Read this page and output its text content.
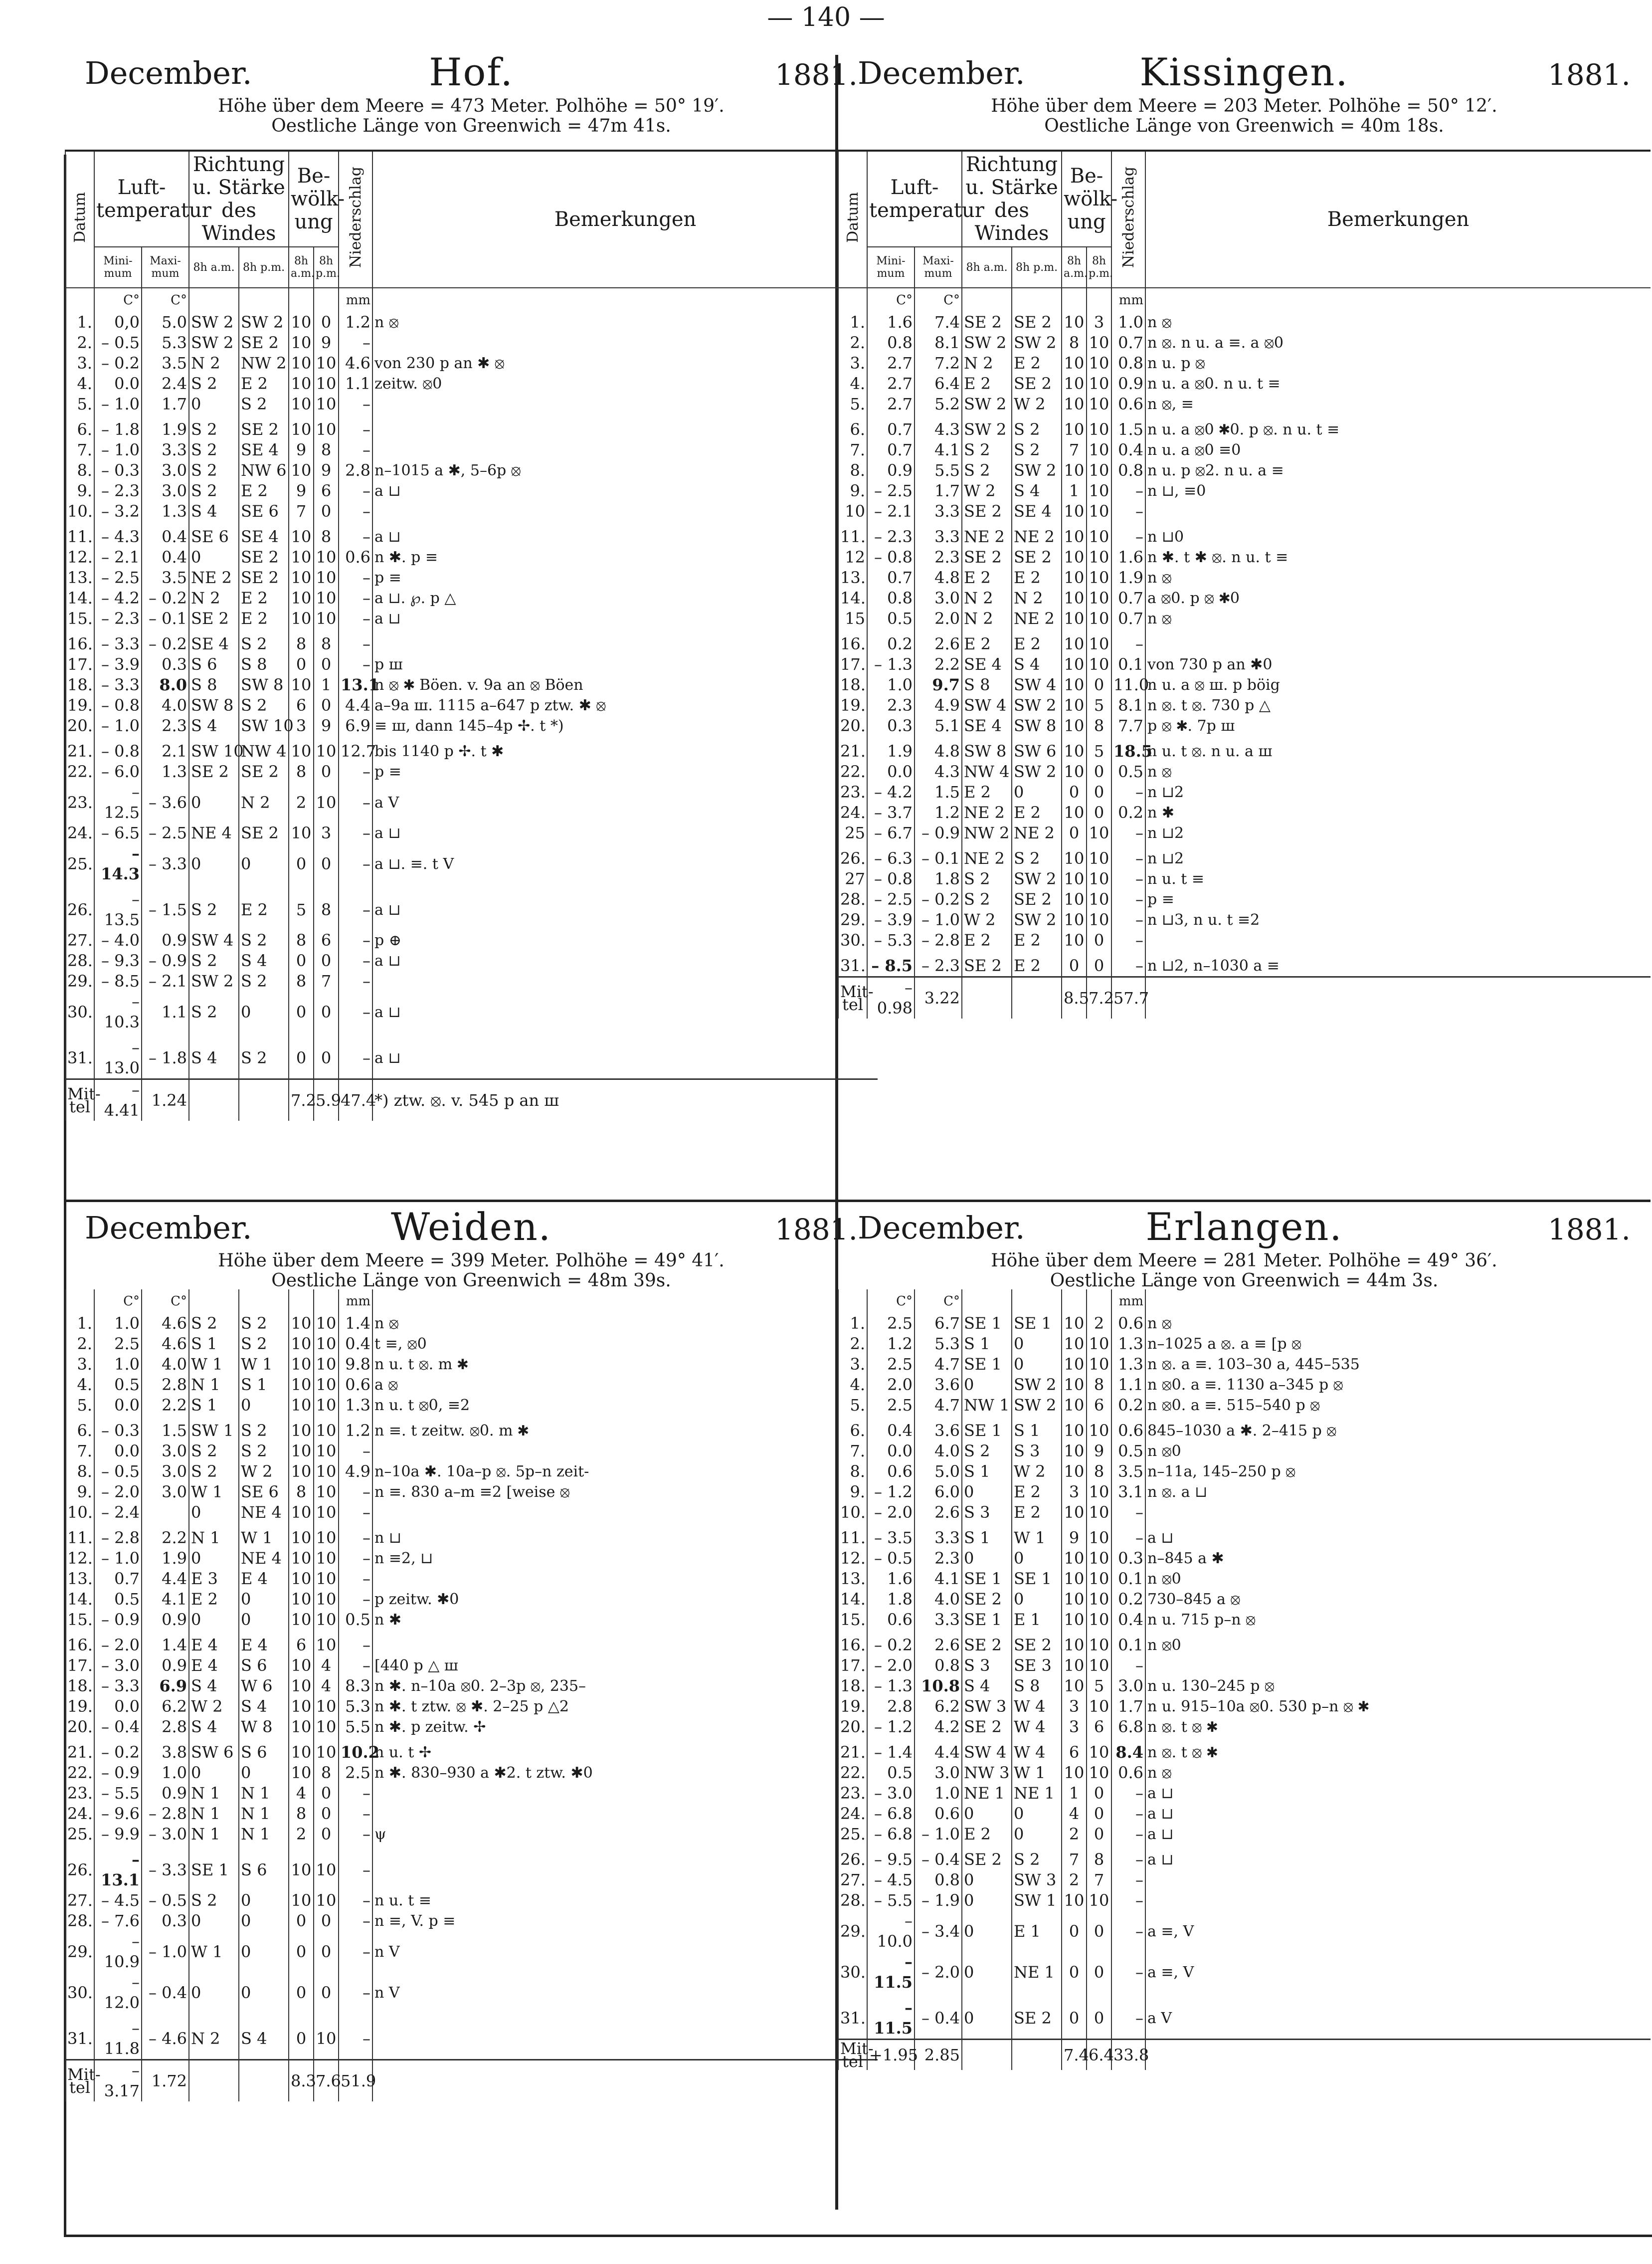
— 140 —
Hof.
December.	1881.
Höhe über dem Meere = 473 Meter. Polhöhe = 50° 19′.
Oestliche Länge von Greenwich = 47m 41s.
Datum	Luft-temperatur		Richtung u. Stärke des Windes		Be-wölk-ung		Niederschlag	Bemerkungen
	Mini-mum	Maxi-mum	8h a.m.	8h p.m.	8h a.m.	8h p.m.		
	C°	C°					mm	
1.	0,0	5.0	SW 2	SW 2	10	0	1.2	n ⦻
2.	– 0.5	5.3	SW 2	SE 2	10	9	–	
3.	– 0.2	3.5	N 2	NW 2	10	10	4.6	von 230 p an ✱ ⦻
4.	0.0	2.4	S 2	E 2	10	10	1.1	zeitw. ⦻0
5.	– 1.0	1.7	0	S 2	10	10	–	
6.	– 1.8	1.9	S 2	SE 2	10	10	–	
7.	– 1.0	3.3	S 2	SE 4	9	8	–	
8.	– 0.3	3.0	S 2	NW 6	10	9	2.8	n–1015 a ✱, 5–6p ⦻
9.	– 2.3	3.0	S 2	E 2	9	6	–	a ⊔
10.	– 3.2	1.3	S 4	SE 6	7	0	–	
11.	– 4.3	0.4	SE 6	SE 4	10	8	–	a ⊔
12.	– 2.1	0.4	0	SE 2	10	10	0.6	n ✱. p ≡
13.	– 2.5	3.5	NE 2	SE 2	10	10	–	p ≡
14.	– 4.2	– 0.2	N 2	E 2	10	10	–	a ⊔. ℘. p △
15.	– 2.3	– 0.1	SE 2	E 2	10	10	–	a ⊔
16.	– 3.3	– 0.2	SE 4	S 2	8	8	–	
17.	– 3.9	0.3	S 6	S 8	0	0	–	p ш
18.	– 3.3	8.0	S 8	SW 8	10	1	13.1	n ⦻ ✱ Böen. v. 9a an ⦻ Böen
19.	– 0.8	4.0	SW 8	S 2	6	0	4.4	a–9a ш. 1115 a–647 p ztw. ✱ ⦻
20.	– 1.0	2.3	S 4	SW 10	3	9	6.9	≡ ш, dann 145–4p ✢. t *)
21.	– 0.8	2.1	SW 10	NW 4	10	10	12.7	bis 1140 p ✢. t ✱
22.	– 6.0	1.3	SE 2	SE 2	8	0	–	p ≡
23.	–12.5	– 3.6	0	N 2	2	10	–	a V
24.	– 6.5	– 2.5	NE 4	SE 2	10	3	–	a ⊔
25.	–14.3	– 3.3	0	0	0	0	–	a ⊔. ≡. t V
26.	–13.5	– 1.5	S 2	E 2	5	8	–	a ⊔
27.	– 4.0	0.9	SW 4	S 2	8	6	–	p ⊕
28.	– 9.3	– 0.9	S 2	S 4	0	0	–	a ⊔
29.	– 8.5	– 2.1	SW 2	S 2	8	7	–	
30.	–10.3	1.1	S 2	0	0	0	–	a ⊔
31.	–13.0	– 1.8	S 4	S 2	0	0	–	a ⊔
Mit-tel	–4.41	1.24			7.2	5.9	47.4	*) ztw. ⦻. v. 545 p an ш
Kissingen.
December.	1881.
Höhe über dem Meere = 203 Meter. Polhöhe = 50° 12′.
Oestliche Länge von Greenwich = 40m 18s.
Datum	Luft-temperatur		Richtung u. Stärke des Windes		Be-wölk-ung		Niederschlag	Bemerkungen
	Mini-mum	Maxi-mum	8h a.m.	8h p.m.	8h a.m.	8h p.m.		
	C°	C°					mm	
1.	1.6	7.4	SE 2	SE 2	10	3	1.0	n ⦻
2.	0.8	8.1	SW 2	SW 2	8	10	0.7	n ⦻. n u. a ≡. a ⦻0
3.	2.7	7.2	N 2	E 2	10	10	0.8	n u. p ⦻
4.	2.7	6.4	E 2	SE 2	10	10	0.9	n u. a ⦻0. n u. t ≡
5.	2.7	5.2	SW 2	W 2	10	10	0.6	n ⦻, ≡
6.	0.7	4.3	SW 2	S 2	10	10	1.5	n u. a ⦻0 ✱0. p ⦻. n u. t ≡
7.	0.7	4.1	S 2	S 2	7	10	0.4	n u. a ⦻0 ≡0
8.	0.9	5.5	S 2	SW 2	10	10	0.8	n u. p ⦻2. n u. a ≡
9.	– 2.5	1.7	W 2	S 4	1	10	–	n ⊔, ≡0
10	– 2.1	3.3	SE 2	SE 4	10	10	–	
11.	– 2.3	3.3	NE 2	NE 2	10	10	–	n ⊔0
12	– 0.8	2.3	SE 2	SE 2	10	10	1.6	n ✱. t ✱ ⦻. n u. t ≡
13.	0.7	4.8	E 2	E 2	10	10	1.9	n ⦻
14.	0.8	3.0	N 2	N 2	10	10	0.7	a ⦻0. p ⦻ ✱0
15	0.5	2.0	N 2	NE 2	10	10	0.7	n ⦻
16.	0.2	2.6	E 2	E 2	10	10	–	
17.	– 1.3	2.2	SE 4	S 4	10	10	0.1	von 730 p an ✱0
18.	1.0	9.7	S 8	SW 4	10	0	11.0	n u. a ⦻ ш. p böig
19.	2.3	4.9	SW 4	SW 2	10	5	8.1	n ⦻. t ⦻. 730 p △
20.	0.3	5.1	SE 4	SW 8	10	8	7.7	p ⦻ ✱. 7p ш
21.	1.9	4.8	SW 8	SW 6	10	5	18.5	n u. t ⦻. n u. a ш
22.	0.0	4.3	NW 4	SW 2	10	0	0.5	n ⦻
23.	– 4.2	1.5	E 2	0	0	0	–	n ⊔2
24.	– 3.7	1.2	NE 2	E 2	10	0	0.2	n ✱
25	– 6.7	– 0.9	NW 2	NE 2	0	10	–	n ⊔2
26.	– 6.3	– 0.1	NE 2	S 2	10	10	–	n ⊔2
27	– 0.8	1.8	S 2	SW 2	10	10	–	n u. t ≡
28.	– 2.5	– 0.2	S 2	SE 2	10	10	–	p ≡
29.	– 3.9	– 1.0	W 2	SW 2	10	10	–	n ⊔3, n u. t ≡2
30.	– 5.3	– 2.8	E 2	E 2	10	0	–	
31.	– 8.5	– 2.3	SE 2	E 2	0	0	–	n ⊔2, n–1030 a ≡
Mit-tel	–0.98	3.22			8.5	7.2	57.7	
Weiden.
December.	1881.
Höhe über dem Meere = 399 Meter. Polhöhe = 49° 41′.
Oestliche Länge von Greenwich = 48m 39s.
	C°	C°					mm	
1.	1.0	4.6	S 2	S 2	10	10	1.4	n ⦻
2.	2.5	4.6	S 1	S 2	10	10	0.4	t ≡, ⦻0
3.	1.0	4.0	W 1	W 1	10	10	9.8	n u. t ⦻. m ✱
4.	0.5	2.8	N 1	S 1	10	10	0.6	a ⦻
5.	0.0	2.2	S 1	0	10	10	1.3	n u. t ⦻0, ≡2
6.	– 0.3	1.5	SW 1	S 2	10	10	1.2	n ≡. t zeitw. ⦻0. m ✱
7.	0.0	3.0	S 2	S 2	10	10	–	
8.	– 0.5	3.0	S 2	W 2	10	10	4.9	n–10a ✱. 10a–p ⦻. 5p–n zeit-
9.	– 2.0	3.0	W 1	SE 6	8	10	–	n ≡. 830 a–m ≡2 [weise ⦻
10.	– 2.4		0	NE 4	10	10	–	
11.	– 2.8	2.2	N 1	W 1	10	10	–	n ⊔
12.	– 1.0	1.9	0	NE 4	10	10	–	n ≡2, ⊔
13.	0.7	4.4	E 3	E 4	10	10	–	
14.	0.5	4.1	E 2	0	10	10	–	p zeitw. ✱0
15.	– 0.9	0.9	0	0	10	10	0.5	n ✱
16.	– 2.0	1.4	E 4	E 4	6	10	–	
17.	– 3.0	0.9	E 4	S 6	10	4	–	[440 p △ ш
18.	– 3.3	6.9	S 4	W 6	10	4	8.3	n ✱. n–10a ⦻0. 2–3p ⦻, 235–
19.	0.0	6.2	W 2	S 4	10	10	5.3	n ✱. t ztw. ⦻ ✱. 2–25 p △2
20.	– 0.4	2.8	S 4	W 8	10	10	5.5	n ✱. p zeitw. ✢
21.	– 0.2	3.8	SW 6	S 6	10	10	10.2	n u. t ✢
22.	– 0.9	1.0	0	0	10	8	2.5	n ✱. 830–930 a ✱2. t ztw. ✱0
23.	– 5.5	0.9	N 1	N 1	4	0	–	
24.	– 9.6	– 2.8	N 1	N 1	8	0	–	
25.	– 9.9	– 3.0	N 1	N 1	2	0	–	ψ
26.	–13.1	– 3.3	SE 1	S 6	10	10	–	
27.	– 4.5	– 0.5	S 2	0	10	10	–	n u. t ≡
28.	– 7.6	0.3	0	0	0	0	–	n ≡, V. p ≡
29.	–10.9	– 1.0	W 1	0	0	0	–	n V
30.	–12.0	– 0.4	0	0	0	0	–	n V
31.	–11.8	– 4.6	N 2	S 4	0	10	–	
Mit-tel	–3.17	1.72			8.3	7.6	51.9	
Erlangen.
December.	1881.
Höhe über dem Meere = 281 Meter. Polhöhe = 49° 36′.
Oestliche Länge von Greenwich = 44m 3s.
	C°	C°					mm	
1.	2.5	6.7	SE 1	SE 1	10	2	0.6	n ⦻
2.	1.2	5.3	S 1	0	10	10	1.3	n–1025 a ⦻. a ≡ [p ⦻
3.	2.5	4.7	SE 1	0	10	10	1.3	n ⦻. a ≡. 103–30 a, 445–535
4.	2.0	3.6	0	SW 2	10	8	1.1	n ⦻0. a ≡. 1130 a–345 p ⦻
5.	2.5	4.7	NW 1	SW 2	10	6	0.2	n ⦻0. a ≡. 515–540 p ⦻
6.	0.4	3.6	SE 1	S 1	10	10	0.6	845–1030 a ✱. 2–415 p ⦻
7.	0.0	4.0	S 2	S 3	10	9	0.5	n ⦻0
8.	0.6	5.0	S 1	W 2	10	8	3.5	n–11a, 145–250 p ⦻
9.	– 1.2	6.0	0	E 2	3	10	3.1	n ⦻. a ⊔
10.	– 2.0	2.6	S 3	E 2	10	10	–	
11.	– 3.5	3.3	S 1	W 1	9	10	–	a ⊔
12.	– 0.5	2.3	0	0	10	10	0.3	n–845 a ✱
13.	1.6	4.1	SE 1	SE 1	10	10	0.1	n ⦻0
14.	1.8	4.0	SE 2	0	10	10	0.2	730–845 a ⦻
15.	0.6	3.3	SE 1	E 1	10	10	0.4	n u. 715 p–n ⦻
16.	– 0.2	2.6	SE 2	SE 2	10	10	0.1	n ⦻0
17.	– 2.0	0.8	S 3	SE 3	10	10	–	
18.	– 1.3	10.8	S 4	S 8	10	5	3.0	n u. 130–245 p ⦻
19.	2.8	6.2	SW 3	W 4	3	10	1.7	n u. 915–10a ⦻0. 530 p–n ⦻ ✱
20.	– 1.2	4.2	SE 2	W 4	3	6	6.8	n ⦻. t ⦻ ✱
21.	– 1.4	4.4	SW 4	W 4	6	10	8.4	n ⦻. t ⦻ ✱
22.	0.5	3.0	NW 3	W 1	10	10	0.6	n ⦻
23.	– 3.0	1.0	NE 1	NE 1	1	0	–	a ⊔
24.	– 6.8	0.6	0	0	4	0	–	a ⊔
25.	– 6.8	– 1.0	E 2	0	2	0	–	a ⊔
26.	– 9.5	– 0.4	SE 2	S 2	7	8	–	a ⊔
27.	– 4.5	0.8	0	SW 3	2	7	–	
28.	– 5.5	– 1.9	0	SW 1	10	10	–	
29.	–10.0	– 3.4	0	E 1	0	0	–	a ≡, V
30.	–11.5	– 2.0	0	NE 1	0	0	–	a ≡, V
31.	–11.5	– 0.4	0	SE 2	0	0	–	a V
Mit-tel	+1.95	2.85			7.4	6.4	33.8	
